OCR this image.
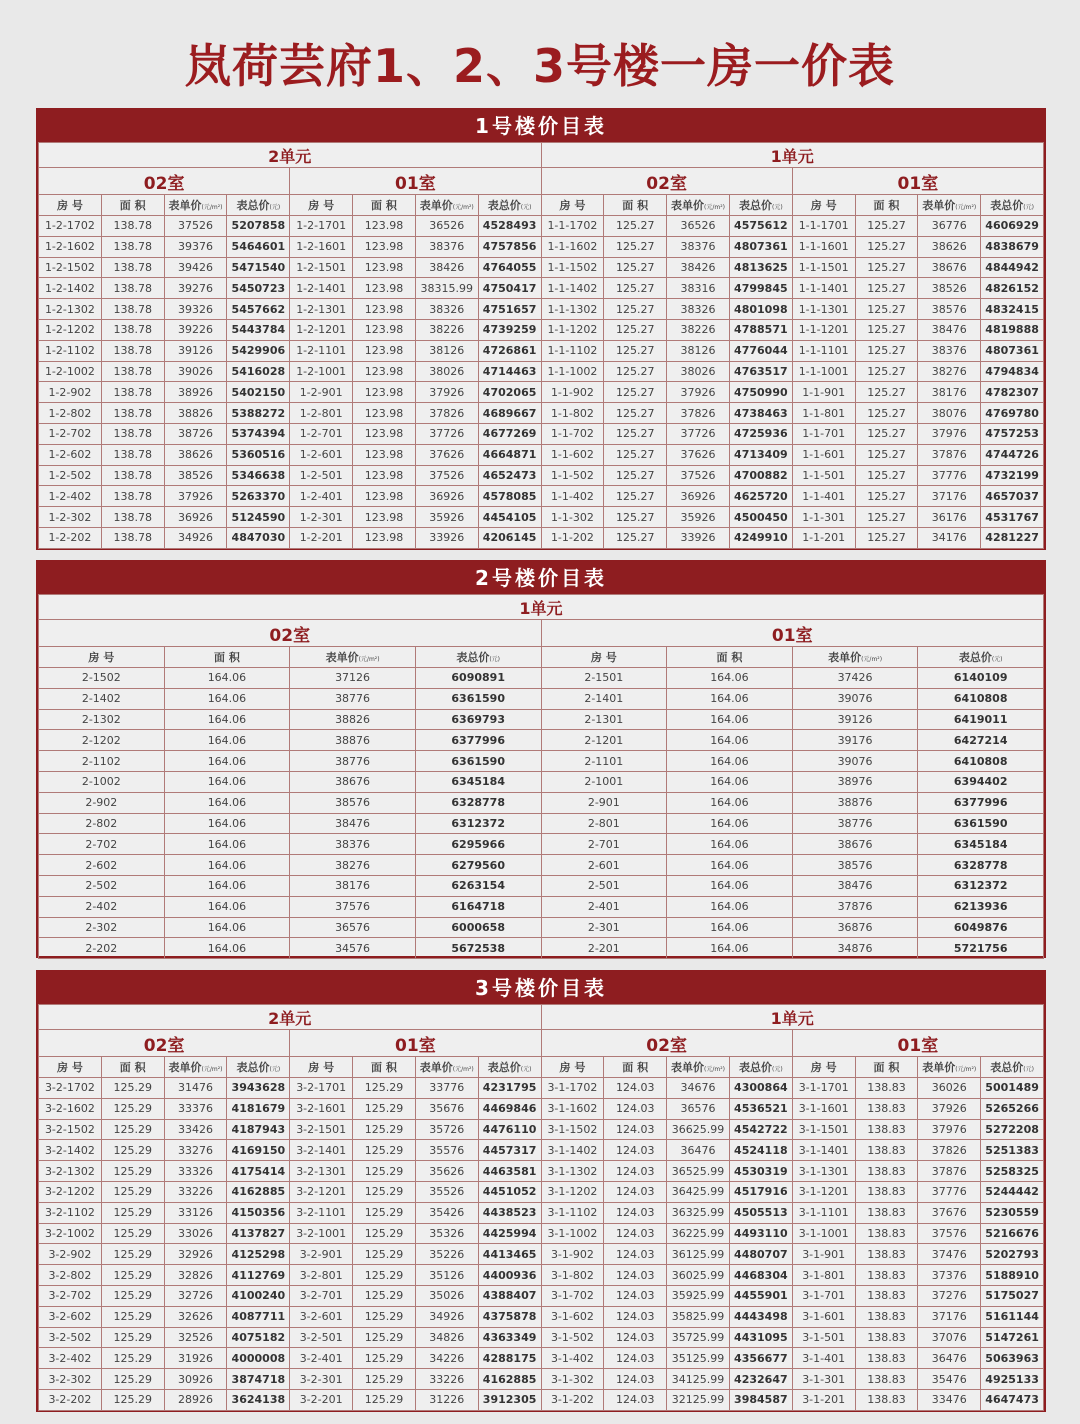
岚荷芸府1、2、3号楼一房一价表
1号楼价目表
2单元								1单元							
02室				01室				02室				01室			
房 号	面 积	表单价(元/m²)	表总价(元)	房 号	面 积	表单价(元/m²)	表总价(元)	房 号	面 积	表单价(元/m²)	表总价(元)	房 号	面 积	表单价(元/m²)	表总价(元)
1-2-1702	138.78	37526	5207858	1-2-1701	123.98	36526	4528493	1-1-1702	125.27	36526	4575612	1-1-1701	125.27	36776	4606929
1-2-1602	138.78	39376	5464601	1-2-1601	123.98	38376	4757856	1-1-1602	125.27	38376	4807361	1-1-1601	125.27	38626	4838679
1-2-1502	138.78	39426	5471540	1-2-1501	123.98	38426	4764055	1-1-1502	125.27	38426	4813625	1-1-1501	125.27	38676	4844942
1-2-1402	138.78	39276	5450723	1-2-1401	123.98	38315.99	4750417	1-1-1402	125.27	38316	4799845	1-1-1401	125.27	38526	4826152
1-2-1302	138.78	39326	5457662	1-2-1301	123.98	38326	4751657	1-1-1302	125.27	38326	4801098	1-1-1301	125.27	38576	4832415
1-2-1202	138.78	39226	5443784	1-2-1201	123.98	38226	4739259	1-1-1202	125.27	38226	4788571	1-1-1201	125.27	38476	4819888
1-2-1102	138.78	39126	5429906	1-2-1101	123.98	38126	4726861	1-1-1102	125.27	38126	4776044	1-1-1101	125.27	38376	4807361
1-2-1002	138.78	39026	5416028	1-2-1001	123.98	38026	4714463	1-1-1002	125.27	38026	4763517	1-1-1001	125.27	38276	4794834
1-2-902	138.78	38926	5402150	1-2-901	123.98	37926	4702065	1-1-902	125.27	37926	4750990	1-1-901	125.27	38176	4782307
1-2-802	138.78	38826	5388272	1-2-801	123.98	37826	4689667	1-1-802	125.27	37826	4738463	1-1-801	125.27	38076	4769780
1-2-702	138.78	38726	5374394	1-2-701	123.98	37726	4677269	1-1-702	125.27	37726	4725936	1-1-701	125.27	37976	4757253
1-2-602	138.78	38626	5360516	1-2-601	123.98	37626	4664871	1-1-602	125.27	37626	4713409	1-1-601	125.27	37876	4744726
1-2-502	138.78	38526	5346638	1-2-501	123.98	37526	4652473	1-1-502	125.27	37526	4700882	1-1-501	125.27	37776	4732199
1-2-402	138.78	37926	5263370	1-2-401	123.98	36926	4578085	1-1-402	125.27	36926	4625720	1-1-401	125.27	37176	4657037
1-2-302	138.78	36926	5124590	1-2-301	123.98	35926	4454105	1-1-302	125.27	35926	4500450	1-1-301	125.27	36176	4531767
1-2-202	138.78	34926	4847030	1-2-201	123.98	33926	4206145	1-1-202	125.27	33926	4249910	1-1-201	125.27	34176	4281227
2号楼价目表
1单元							
02室				01室			
房 号	面 积	表单价(元/m²)	表总价(元)	房 号	面 积	表单价(元/m²)	表总价(元)
2-1502	164.06	37126	6090891	2-1501	164.06	37426	6140109
2-1402	164.06	38776	6361590	2-1401	164.06	39076	6410808
2-1302	164.06	38826	6369793	2-1301	164.06	39126	6419011
2-1202	164.06	38876	6377996	2-1201	164.06	39176	6427214
2-1102	164.06	38776	6361590	2-1101	164.06	39076	6410808
2-1002	164.06	38676	6345184	2-1001	164.06	38976	6394402
2-902	164.06	38576	6328778	2-901	164.06	38876	6377996
2-802	164.06	38476	6312372	2-801	164.06	38776	6361590
2-702	164.06	38376	6295966	2-701	164.06	38676	6345184
2-602	164.06	38276	6279560	2-601	164.06	38576	6328778
2-502	164.06	38176	6263154	2-501	164.06	38476	6312372
2-402	164.06	37576	6164718	2-401	164.06	37876	6213936
2-302	164.06	36576	6000658	2-301	164.06	36876	6049876
2-202	164.06	34576	5672538	2-201	164.06	34876	5721756
3号楼价目表
2单元								1单元							
02室				01室				02室				01室			
房 号	面 积	表单价(元/m²)	表总价(元)	房 号	面 积	表单价(元/m²)	表总价(元)	房 号	面 积	表单价(元/m²)	表总价(元)	房 号	面 积	表单价(元/m²)	表总价(元)
3-2-1702	125.29	31476	3943628	3-2-1701	125.29	33776	4231795	3-1-1702	124.03	34676	4300864	3-1-1701	138.83	36026	5001489
3-2-1602	125.29	33376	4181679	3-2-1601	125.29	35676	4469846	3-1-1602	124.03	36576	4536521	3-1-1601	138.83	37926	5265266
3-2-1502	125.29	33426	4187943	3-2-1501	125.29	35726	4476110	3-1-1502	124.03	36625.99	4542722	3-1-1501	138.83	37976	5272208
3-2-1402	125.29	33276	4169150	3-2-1401	125.29	35576	4457317	3-1-1402	124.03	36476	4524118	3-1-1401	138.83	37826	5251383
3-2-1302	125.29	33326	4175414	3-2-1301	125.29	35626	4463581	3-1-1302	124.03	36525.99	4530319	3-1-1301	138.83	37876	5258325
3-2-1202	125.29	33226	4162885	3-2-1201	125.29	35526	4451052	3-1-1202	124.03	36425.99	4517916	3-1-1201	138.83	37776	5244442
3-2-1102	125.29	33126	4150356	3-2-1101	125.29	35426	4438523	3-1-1102	124.03	36325.99	4505513	3-1-1101	138.83	37676	5230559
3-2-1002	125.29	33026	4137827	3-2-1001	125.29	35326	4425994	3-1-1002	124.03	36225.99	4493110	3-1-1001	138.83	37576	5216676
3-2-902	125.29	32926	4125298	3-2-901	125.29	35226	4413465	3-1-902	124.03	36125.99	4480707	3-1-901	138.83	37476	5202793
3-2-802	125.29	32826	4112769	3-2-801	125.29	35126	4400936	3-1-802	124.03	36025.99	4468304	3-1-801	138.83	37376	5188910
3-2-702	125.29	32726	4100240	3-2-701	125.29	35026	4388407	3-1-702	124.03	35925.99	4455901	3-1-701	138.83	37276	5175027
3-2-602	125.29	32626	4087711	3-2-601	125.29	34926	4375878	3-1-602	124.03	35825.99	4443498	3-1-601	138.83	37176	5161144
3-2-502	125.29	32526	4075182	3-2-501	125.29	34826	4363349	3-1-502	124.03	35725.99	4431095	3-1-501	138.83	37076	5147261
3-2-402	125.29	31926	4000008	3-2-401	125.29	34226	4288175	3-1-402	124.03	35125.99	4356677	3-1-401	138.83	36476	5063963
3-2-302	125.29	30926	3874718	3-2-301	125.29	33226	4162885	3-1-302	124.03	34125.99	4232647	3-1-301	138.83	35476	4925133
3-2-202	125.29	28926	3624138	3-2-201	125.29	31226	3912305	3-1-202	124.03	32125.99	3984587	3-1-201	138.83	33476	4647473
